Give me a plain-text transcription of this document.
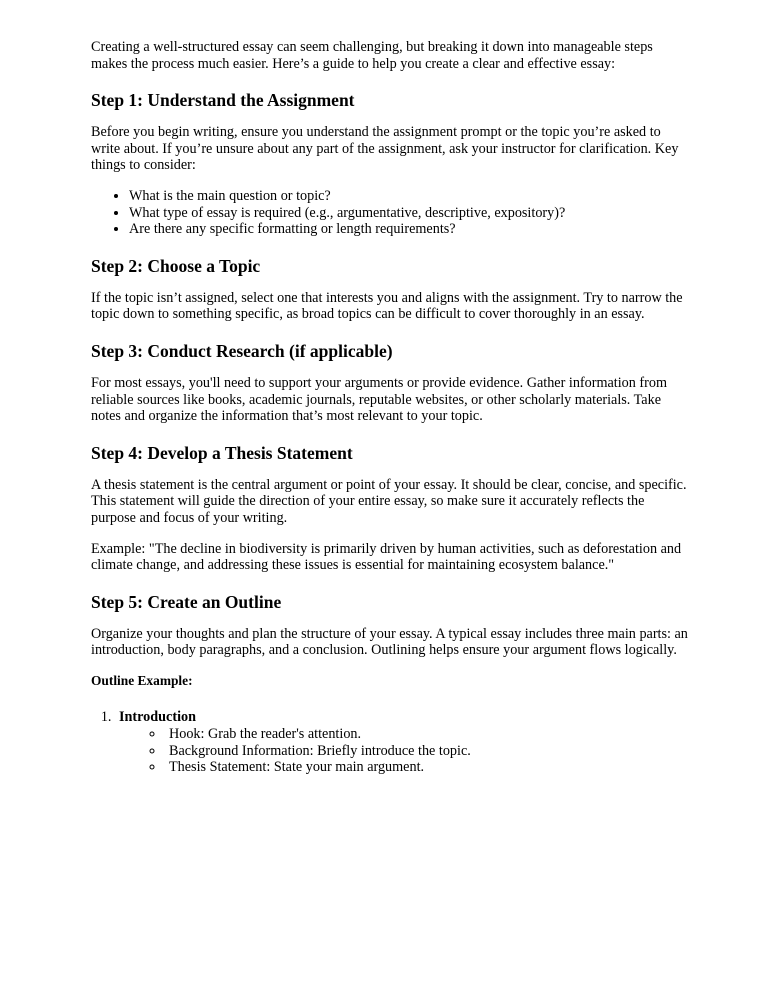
Creating a well-structured essay can seem challenging, but breaking it down into manageable steps makes the process much easier. Here’s a guide to help you create a clear and effective essay:

Step 1: Understand the Assignment

Before you begin writing, ensure you understand the assignment prompt or the topic you’re asked to write about. If you’re unsure about any part of the assignment, ask your instructor for clarification. Key things to consider:

• What is the main question or topic?
• What type of essay is required (e.g., argumentative, descriptive, expository)?
• Are there any specific formatting or length requirements?
Step 2: Choose a Topic

If the topic isn’t assigned, select one that interests you and aligns with the assignment. Try to narrow the topic down to something specific, as broad topics can be difficult to cover thoroughly in an essay.

Step 3: Conduct Research (if applicable)

For most essays, you'll need to support your arguments or provide evidence. Gather information from reliable sources like books, academic journals, reputable websites, or other scholarly materials. Take notes and organize the information that’s most relevant to your topic.

Step 4: Develop a Thesis Statement

A thesis statement is the central argument or point of your essay. It should be clear, concise, and specific. This statement will guide the direction of your entire essay, so make sure it accurately reflects the purpose and focus of your writing.

Example: "The decline in biodiversity is primarily driven by human activities, such as deforestation and climate change, and addressing these issues is essential for maintaining ecosystem balance."

Step 5: Create an Outline

Organize your thoughts and plan the structure of your essay. A typical essay includes three main parts: an introduction, body paragraphs, and a conclusion. Outlining helps ensure your argument flows logically.

Outline Example:

1. Introduction
◦ Hook: Grab the reader's attention.
◦ Background Information: Briefly introduce the topic.
◦ Thesis Statement: State your main argument.
